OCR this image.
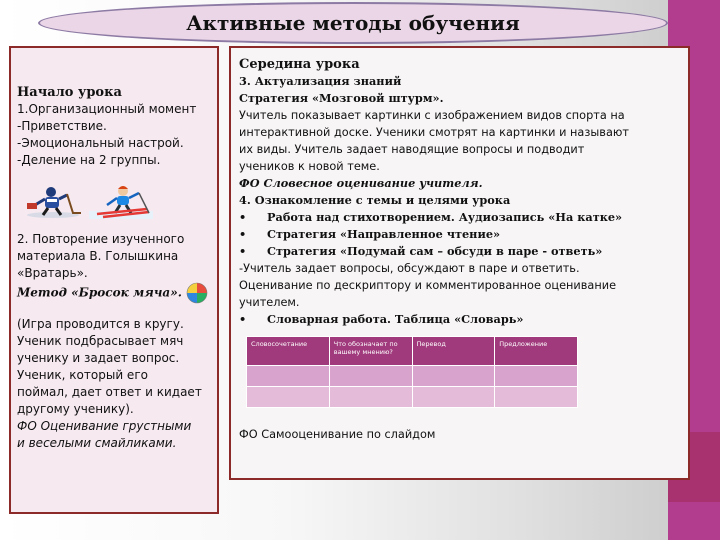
Активные методы обучения
Начало урока
1.Организационный момент
-Приветствие.
-Эмоциональный настрой.
-Деление на 2 группы.
2. Повторение изученного
материала В. Голышкина
«Вратарь».
Метод «Бросок мяча».
(Игра проводится в кругу.
Ученик подбрасывает мяч
ученику и задает вопрос.
Ученик, который его
поймал, дает ответ и кидает
другому ученику).
ФО Оценивание грустными
и веселыми смайликами.
Середина урока
3. Актуализация знаний
Стратегия «Мозговой штурм».
Учитель показывает картинки с изображением видов спорта на
интерактивной доске. Ученики смотрят на картинки и называют
их виды. Учитель задает наводящие вопросы и подводит
учеников к новой теме.
ФО Словесное оценивание учителя.
4. Ознакомление с темы и целями урока
•	Работа над стихотворением. Аудиозапись «На катке»
•	Стратегия «Направленное чтение»
•	Стратегия «Подумай сам – обсуди в паре - ответь»
-Учитель задает вопросы, обсуждают в паре и ответить.
Оценивание по дескриптору и комментированное оценивание
учителем.
•	Словарная работа. Таблица «Словарь»
Словосочетание	Что обозначает по вашему мнению?	Перевод	Предложение

ФО Самооценивание по слайдом
